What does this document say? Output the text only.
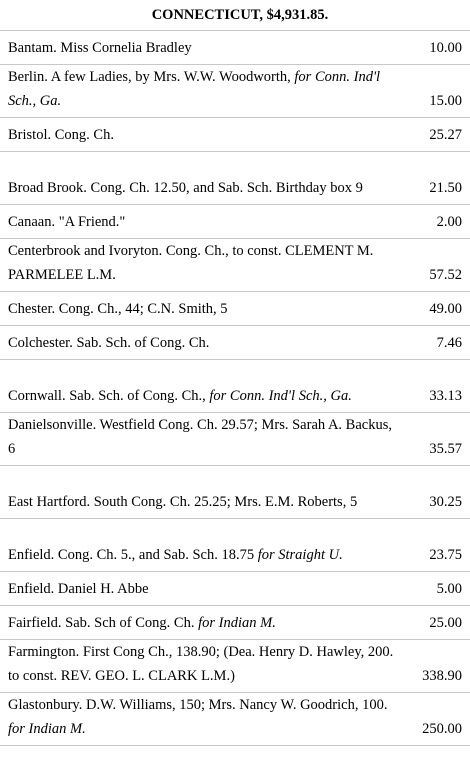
CONNECTICUT, $4,931.85.
Bantam. Miss Cornelia Bradley	10.00

Berlin. A few Ladies, by Mrs. W.W. Woodworth, for Conn. Ind'l Sch., Ga.	15.00

Bristol. Cong. Ch.	25.27

Broad Brook. Cong. Ch. 12.50, and Sab. Sch. Birthday box 9	21.50

Canaan. "A Friend."	2.00

Centerbrook and Ivoryton. Cong. Ch., to const. CLEMENT M. PARMELEE L.M.	57.52

Chester. Cong. Ch., 44; C.N. Smith, 5	49.00

Colchester. Sab. Sch. of Cong. Ch.	7.46

Cornwall. Sab. Sch. of Cong. Ch., for Conn. Ind'l Sch., Ga.	33.13

Danielsonville. Westfield Cong. Ch. 29.57; Mrs. Sarah A. Backus, 6	35.57

East Hartford. South Cong. Ch. 25.25; Mrs. E.M. Roberts, 5	30.25

Enfield. Cong. Ch. 5., and Sab. Sch. 18.75 for Straight U.	23.75

Enfield. Daniel H. Abbe	5.00

Fairfield. Sab. Sch of Cong. Ch. for Indian M.	25.00

Farmington. First Cong Ch., 138.90; (Dea. Henry D. Hawley, 200. to const. REV. GEO. L. CLARK L.M.)	338.90

Glastonbury. D.W. Williams, 150; Mrs. Nancy W. Goodrich, 100. for Indian M.	250.00
